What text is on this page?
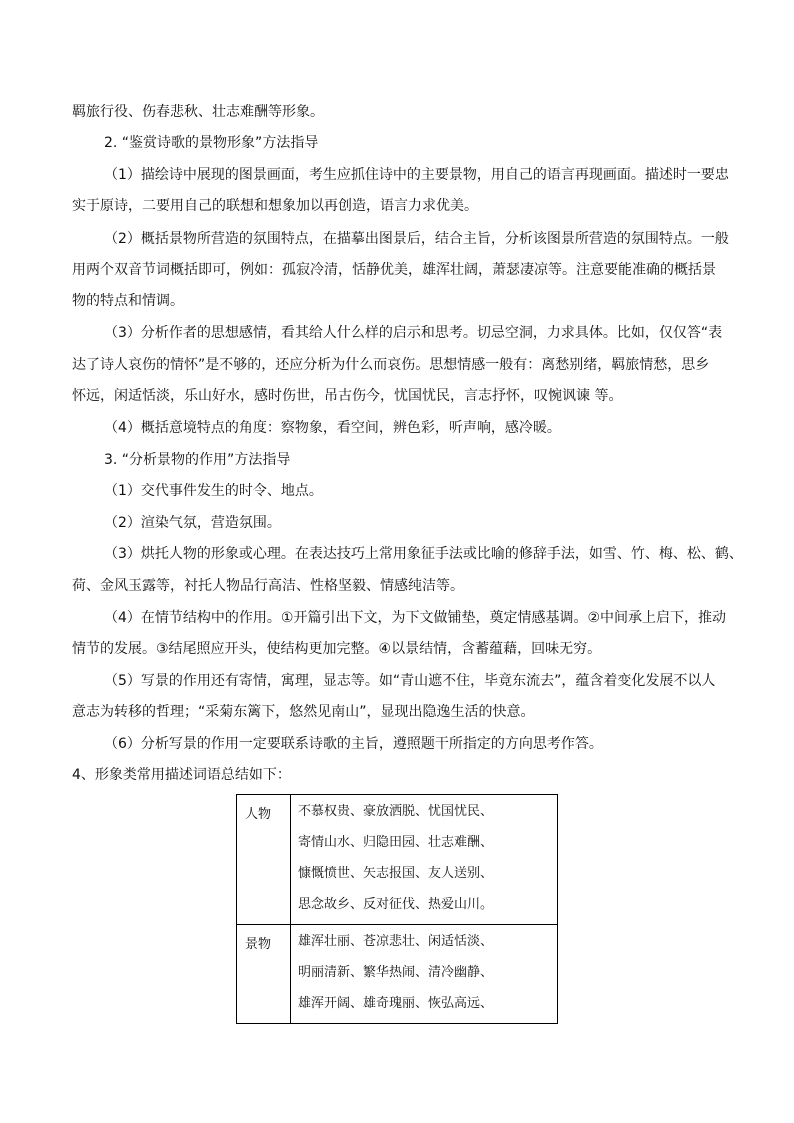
羁旅行役、伤春悲秋、壮志难酬等形象。
2. “鉴赏诗歌的景物形象”方法指导
（1）描绘诗中展现的图景画面，考生应抓住诗中的主要景物，用自己的语言再现画面。描述时一要忠
实于原诗，二要用自己的联想和想象加以再创造，语言力求优美。
（2）概括景物所营造的氛围特点，在描摹出图景后，结合主旨，分析该图景所营造的氛围特点。一般
用两个双音节词概括即可，例如：孤寂冷清，恬静优美，雄浑壮阔，萧瑟凄凉等。注意要能准确的概括景
物的特点和情调。
（3）分析作者的思想感情，看其给人什么样的启示和思考。切忌空洞，力求具体。比如，仅仅答“表
达了诗人哀伤的情怀”是不够的，还应分析为什么而哀伤。思想情感一般有：离愁别绪，羁旅情愁，思乡
怀远，闲适恬淡，乐山好水，感时伤世，吊古伤今，忧国忧民，言志抒怀，叹惋讽谏 等。
（4）概括意境特点的角度：察物象，看空间，辨色彩，听声响，感冷暖。
3. “分析景物的作用”方法指导
（1）交代事件发生的时令、地点。
（2）渲染气氛，营造氛围。
（3）烘托人物的形象或心理。在表达技巧上常用象征手法或比喻的修辞手法，如雪、竹、梅、松、鹤、
荷、金风玉露等，衬托人物品行高洁、性格坚毅、情感纯洁等。
（4）在情节结构中的作用。①开篇引出下文，为下文做铺垫，奠定情感基调。②中间承上启下，推动
情节的发展。③结尾照应开头，使结构更加完整。④以景结情，含蓄蕴藉，回味无穷。
（5）写景的作用还有寄情，寓理，显志等。如“青山遮不住，毕竟东流去”，蕴含着变化发展不以人
意志为转移的哲理；“采菊东篱下，悠然见南山”，显现出隐逸生活的快意。
（6）分析写景的作用一定要联系诗歌的主旨，遵照题干所指定的方向思考作答。
4、形象类常用描述词语总结如下：
人物	不慕权贵、豪放洒脱、忧国忧民、
寄情山水、归隐田园、壮志难酬、
慷慨愤世、矢志报国、友人送别、
思念故乡、反对征伐、热爱山川。

景物	雄浑壮丽、苍凉悲壮、闲适恬淡、
明丽清新、繁华热闹、清冷幽静、
雄浑开阔、雄奇瑰丽、恢弘高远、
